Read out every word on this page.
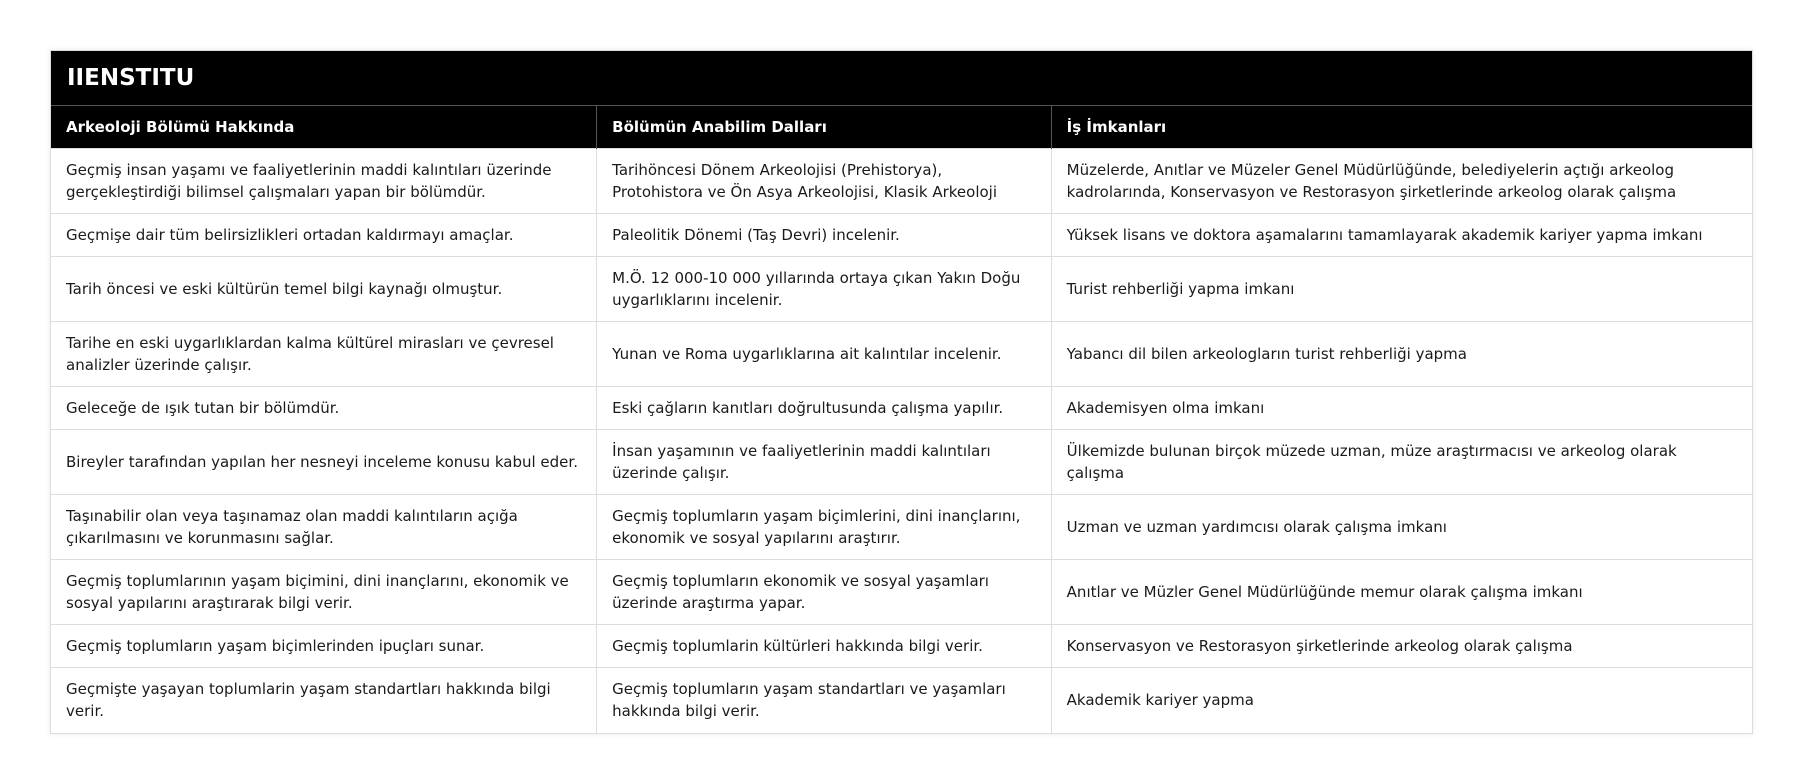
IIENSTITU
Arkeoloji Bölümü Hakkında	Bölümün Anabilim Dalları	İş İmkanları
Geçmiş insan yaşamı ve faaliyetlerinin maddi kalıntıları üzerinde gerçekleştirdiği bilimsel çalışmaları yapan bir bölümdür.	Tarihöncesi Dönem Arkeolojisi (Prehistorya), Protohistora ve Ön Asya Arkeolojisi, Klasik Arkeoloji	Müzelerde, Anıtlar ve Müzeler Genel Müdürlüğünde, belediyelerin açtığı arkeolog kadrolarında, Konservasyon ve Restorasyon şirketlerinde arkeolog olarak çalışma
Geçmişe dair tüm belirsizlikleri ortadan kaldırmayı amaçlar.	Paleolitik Dönemi (Taş Devri) incelenir.	Yüksek lisans ve doktora aşamalarını tamamlayarak akademik kariyer yapma imkanı
Tarih öncesi ve eski kültürün temel bilgi kaynağı olmuştur.	M.Ö. 12 000-10 000 yıllarında ortaya çıkan Yakın Doğu uygarlıklarını incelenir.	Turist rehberliği yapma imkanı
Tarihe en eski uygarlıklardan kalma kültürel mirasları ve çevresel analizler üzerinde çalışır.	Yunan ve Roma uygarlıklarına ait kalıntılar incelenir.	Yabancı dil bilen arkeologların turist rehberliği yapma
Geleceğe de ışık tutan bir bölümdür.	Eski çağların kanıtları doğrultusunda çalışma yapılır.	Akademisyen olma imkanı
Bireyler tarafından yapılan her nesneyi inceleme konusu kabul eder.	İnsan yaşamının ve faaliyetlerinin maddi kalıntıları üzerinde çalışır.	Ülkemizde bulunan birçok müzede uzman, müze araştırmacısı ve arkeolog olarak çalışma
Taşınabilir olan veya taşınamaz olan maddi kalıntıların açığa çıkarılmasını ve korunmasını sağlar.	Geçmiş toplumların yaşam biçimlerini, dini inançlarını, ekonomik ve sosyal yapılarını araştırır.	Uzman ve uzman yardımcısı olarak çalışma imkanı
Geçmiş toplumlarının yaşam biçimini, dini inançlarını, ekonomik ve sosyal yapılarını araştırarak bilgi verir.	Geçmiş toplumların ekonomik ve sosyal yaşamları üzerinde araştırma yapar.	Anıtlar ve Müzler Genel Müdürlüğünde memur olarak çalışma imkanı
Geçmiş toplumların yaşam biçimlerinden ipuçları sunar.	Geçmiş toplumlarin kültürleri hakkında bilgi verir.	Konservasyon ve Restorasyon şirketlerinde arkeolog olarak çalışma
Geçmişte yaşayan toplumlarin yaşam standartları hakkında bilgi verir.	Geçmiş toplumların yaşam standartları ve yaşamları hakkında bilgi verir.	Akademik kariyer yapma
